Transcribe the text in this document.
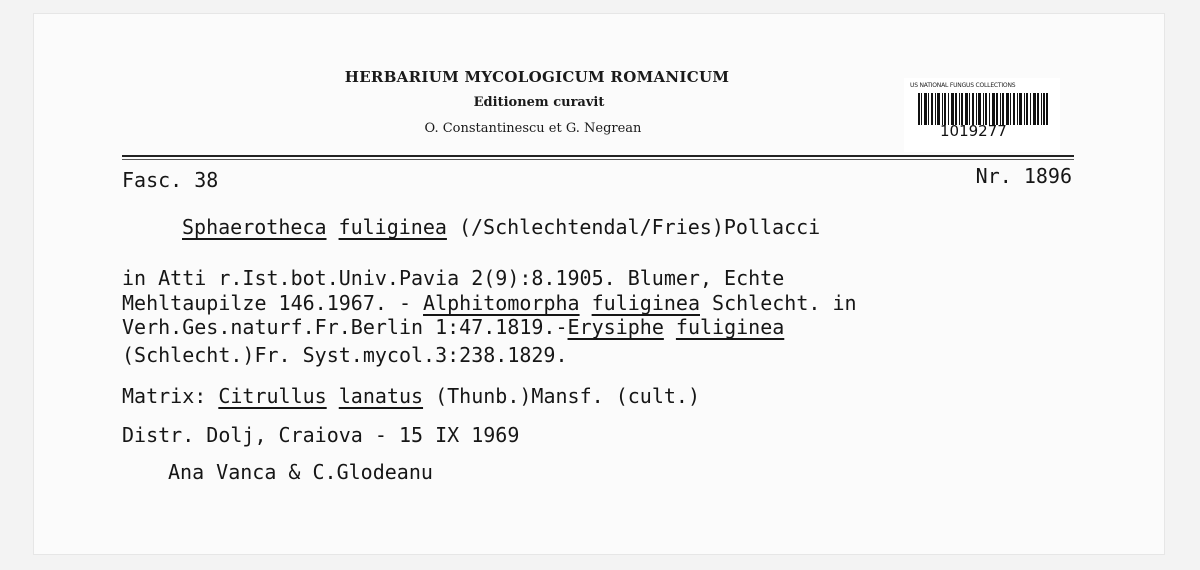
HERBARIUM MYCOLOGICUM ROMANICUM
Editionem curavit
O. Constantinescu et G. Negrean
US NATIONAL FUNGUS COLLECTIONS
1019277
Fasc. 38	Nr. 1896
Sphaerotheca fuliginea (/Schlechtendal/Fries)Pollacci
in Atti r.Ist.bot.Univ.Pavia 2(9):8.1905. Blumer, Echte
Mehltaupilze 146.1967. - Alphitomorpha fuliginea Schlecht. in
Verh.Ges.naturf.Fr.Berlin 1:47.1819.-Erysiphe fuliginea
(Schlecht.)Fr. Syst.mycol.3:238.1829.
Matrix: Citrullus lanatus (Thunb.)Mansf. (cult.)
Distr. Dolj, Craiova - 15 IX 1969
Ana Vanca & C.Glodeanu
